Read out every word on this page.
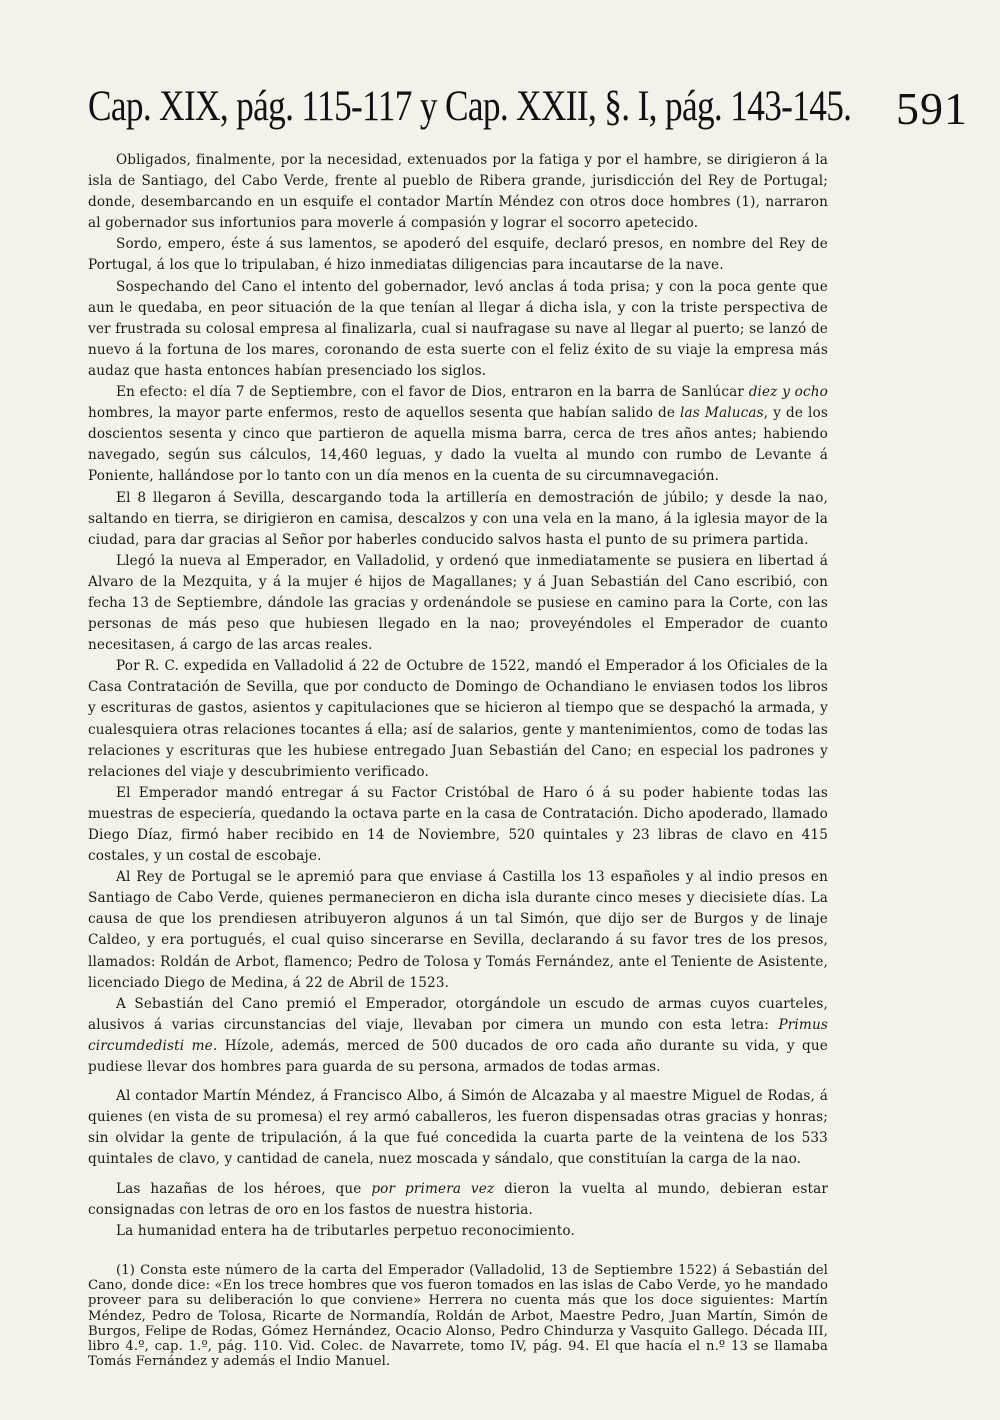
Cap. XIX, pág. 115-117 y Cap. XXII, §. I, pág. 143-145. 591

Obligados, finalmente, por la necesidad, extenuados por la fatiga y por el hambre, se dirigieron á la isla de Santiago, del Cabo Verde, frente al pueblo de Ribera grande, jurisdicción del Rey de Portugal; donde, desembarcando en un esquife el contador Martín Méndez con otros doce hombres (1), narraron al gobernador sus infortunios para moverle á compasión y lograr el socorro apetecido.

Sordo, empero, éste á sus lamentos, se apoderó del esquife, declaró presos, en nombre del Rey de Portugal, á los que lo tripulaban, é hizo inmediatas diligencias para incautarse de la nave.

Sospechando del Cano el intento del gobernador, levó anclas á toda prisa; y con la poca gente que aun le quedaba, en peor situación de la que tenían al llegar á dicha isla, y con la triste perspectiva de ver frustrada su colosal empresa al finalizarla, cual si naufragase su nave al llegar al puerto; se lanzó de nuevo á la fortuna de los mares, coronando de esta suerte con el feliz éxito de su viaje la empresa más audaz que hasta entonces habían presenciado los siglos.

En efecto: el día 7 de Septiembre, con el favor de Dios, entraron en la barra de Sanlúcar diez y ocho hombres, la mayor parte enfermos, resto de aquellos sesenta que habían salido de las Malucas, y de los doscientos sesenta y cinco que partieron de aquella misma barra, cerca de tres años antes; habiendo navegado, según sus cálculos, 14,460 leguas, y dado la vuelta al mundo con rumbo de Levante á Poniente, hallándose por lo tanto con un día menos en la cuenta de su circumnavegación.

El 8 llegaron á Sevilla, descargando toda la artillería en demostración de júbilo; y desde la nao, saltando en tierra, se dirigieron en camisa, descalzos y con una vela en la mano, á la iglesia mayor de la ciudad, para dar gracias al Señor por haberles conducido salvos hasta el punto de su primera partida.

Llegó la nueva al Emperador, en Valladolid, y ordenó que inmediatamente se pusiera en libertad á Alvaro de la Mezquita, y á la mujer é hijos de Magallanes; y á Juan Sebastián del Cano escribió, con fecha 13 de Septiembre, dándole las gracias y ordenándole se pusiese en camino para la Corte, con las personas de más peso que hubiesen llegado en la nao; proveyéndoles el Emperador de cuanto necesitasen, á cargo de las arcas reales.

Por R. C. expedida en Valladolid á 22 de Octubre de 1522, mandó el Emperador á los Oficiales de la Casa Contratación de Sevilla, que por conducto de Domingo de Ochandiano le enviasen todos los libros y escrituras de gastos, asientos y capitulaciones que se hicieron al tiempo que se despachó la armada, y cualesquiera otras relaciones tocantes á ella; así de salarios, gente y mantenimientos, como de todas las relaciones y escrituras que les hubiese entregado Juan Sebastián del Cano; en especial los padrones y relaciones del viaje y descubrimiento verificado.

El Emperador mandó entregar á su Factor Cristóbal de Haro ó á su poder habiente todas las muestras de especiería, quedando la octava parte en la casa de Contratación. Dicho apoderado, llamado Diego Díaz, firmó haber recibido en 14 de Noviembre, 520 quintales y 23 libras de clavo en 415 costales, y un costal de escobaje.

Al Rey de Portugal se le apremió para que enviase á Castilla los 13 españoles y al indio presos en Santiago de Cabo Verde, quienes permanecieron en dicha isla durante cinco meses y diecisiete días. La causa de que los prendiesen atribuyeron algunos á un tal Simón, que dijo ser de Burgos y de linaje Caldeo, y era portugués, el cual quiso sincerarse en Sevilla, declarando á su favor tres de los presos, llamados: Roldán de Arbot, flamenco; Pedro de Tolosa y Tomás Fernández, ante el Teniente de Asistente, licenciado Diego de Medina, á 22 de Abril de 1523.

A Sebastián del Cano premió el Emperador, otorgándole un escudo de armas cuyos cuarteles, alusivos á varias circunstancias del viaje, llevaban por cimera un mundo con esta letra: Primus circumdedisti me. Hízole, además, merced de 500 ducados de oro cada año durante su vida, y que pudiese llevar dos hombres para guarda de su persona, armados de todas armas.

Al contador Martín Méndez, á Francisco Albo, á Simón de Alcazaba y al maestre Miguel de Rodas, á quienes (en vista de su promesa) el rey armó caballeros, les fueron dispensadas otras gracias y honras; sin olvidar la gente de tripulación, á la que fué concedida la cuarta parte de la veintena de los 533 quintales de clavo, y cantidad de canela, nuez moscada y sándalo, que constituían la carga de la nao.

Las hazañas de los héroes, que por primera vez dieron la vuelta al mundo, debieran estar consignadas con letras de oro en los fastos de nuestra historia.

La humanidad entera ha de tributarles perpetuo reconocimiento.

(1) Consta este número de la carta del Emperador (Valladolid, 13 de Septiembre 1522) á Sebastián del Cano, donde dice: «En los trece hombres que vos fueron tomados en las islas de Cabo Verde, yo he mandado proveer para su deliberación lo que conviene» Herrera no cuenta más que los doce siguientes: Martín Méndez, Pedro de Tolosa, Ricarte de Normandía, Roldán de Arbot, Maestre Pedro, Juan Martín, Simón de Burgos, Felipe de Rodas, Gómez Hernández, Ocacio Alonso, Pedro Chindurza y Vasquito Gallego. Década III, libro 4.º, cap. 1.º, pág. 110. Vid. Colec. de Navarrete, tomo IV, pág. 94. El que hacía el n.º 13 se llamaba Tomás Fernández y además el Indio Manuel.
